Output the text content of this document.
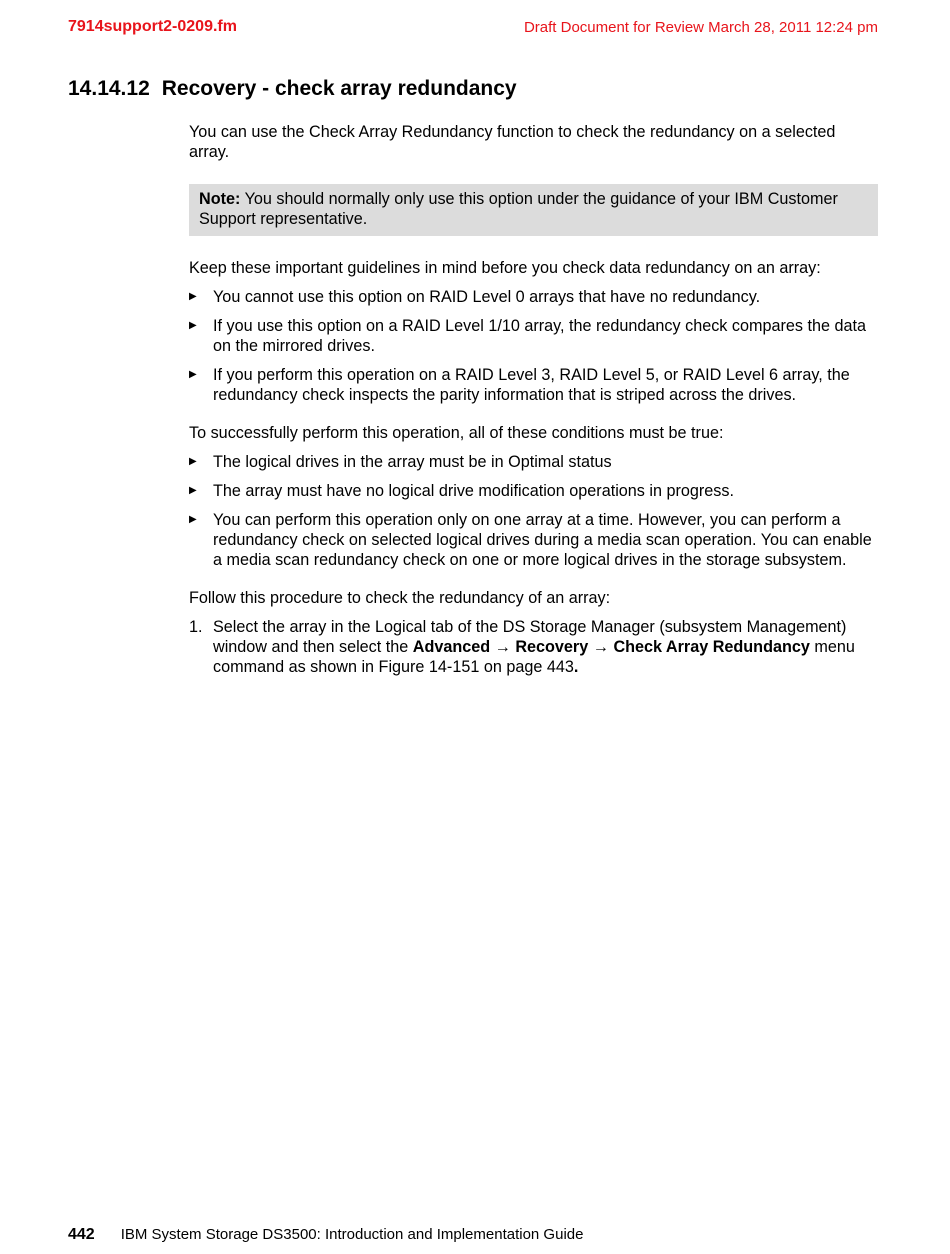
7914support2-0209.fm	Draft Document for Review March 28, 2011 12:24 pm
14.14.12 Recovery - check array redundancy

You can use the Check Array Redundancy function to check the redundancy on a selected array.

Note: You should normally only use this option under the guidance of your IBM Customer Support representative.

Keep these important guidelines in mind before you check data redundancy on an array:

▶ You cannot use this option on RAID Level 0 arrays that have no redundancy.
▶ If you use this option on a RAID Level 1/10 array, the redundancy check compares the data on the mirrored drives.
▶ If you perform this operation on a RAID Level 3, RAID Level 5, or RAID Level 6 array, the redundancy check inspects the parity information that is striped across the drives.

To successfully perform this operation, all of these conditions must be true:

▶ The logical drives in the array must be in Optimal status
▶ The array must have no logical drive modification operations in progress.
▶ You can perform this operation only on one array at a time. However, you can perform a redundancy check on selected logical drives during a media scan operation. You can enable a media scan redundancy check on one or more logical drives in the storage subsystem.

Follow this procedure to check the redundancy of an array:

1. Select the array in the Logical tab of the DS Storage Manager (subsystem Management) window and then select the Advanced → Recovery → Check Array Redundancy menu command as shown in Figure 14-151 on page 443.
442 IBM System Storage DS3500: Introduction and Implementation Guide
